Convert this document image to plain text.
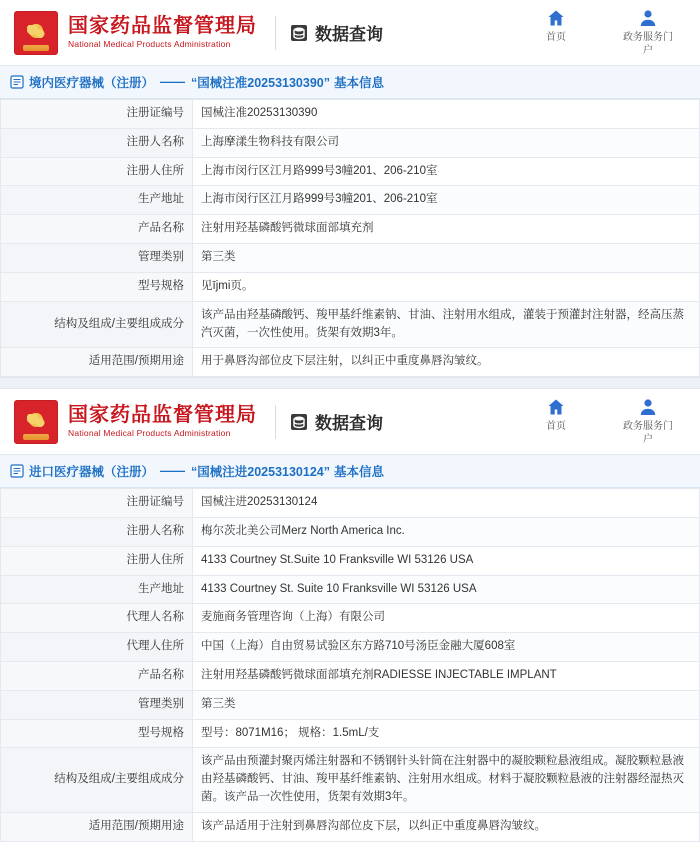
国家药品监督管理局
National Medical Products Administration
数据查询	首页	政务服务门户
境内医疗器械（注册） —— “国械注准20253130390” 基本信息
注册证编号	国械注准20253130390
注册人名称	上海摩漾生物科技有限公司
注册人住所	上海市闵行区江月路999号3幢201、206-210室
生产地址	上海市闵行区江月路999号3幢201、206-210室
产品名称	注射用羟基磷酸钙微球面部填充剂
管理类别	第三类
型号规格	见ījmi页。
结构及组成/主要组成成分	该产品由羟基磷酸钙、羧甲基纤维素钠、甘油、注射用水组成，灌装于预灌封注射器，经高压蒸汽灭菌，一次性使用。货架有效期3年。
适用范围/预期用途	用于鼻唇沟部位皮下层注射，以纠正中重度鼻唇沟皱纹。
国家药品监督管理局
National Medical Products Administration
数据查询	首页	政务服务门户
进口医疗器械（注册） —— “国械注进20253130124” 基本信息
注册证编号	国械注进20253130124
注册人名称	梅尔茨北美公司Merz North America Inc.
注册人住所	4133 Courtney St.Suite 10 Franksville WI 53126 USA
生产地址	4133 Courtney St. Suite 10 Franksville WI 53126 USA
代理人名称	麦施商务管理咨询（上海）有限公司
代理人住所	中国（上海）自由贸易试验区东方路710号汤臣金融大厦608室
产品名称	注射用羟基磷酸钙微球面部填充剂RADIESSE INJECTABLE IMPLANT
管理类别	第三类
型号规格	型号：8071M16； 规格：1.5mL/支
结构及组成/主要组成成分	该产品由预灌封聚丙烯注射器和不锈钢针头针筒在注射器中的凝胶颗粒悬液组成。凝胶颗粒悬液由羟基磷酸钙、甘油、羧甲基纤维素钠、注射用水组成。材料于凝胶颗粒悬液的注射器经湿热灭菌。该产品一次性使用，货架有效期3年。
适用范围/预期用途	该产品适用于注射到鼻唇沟部位皮下层，以纠正中重度鼻唇沟皱纹。
